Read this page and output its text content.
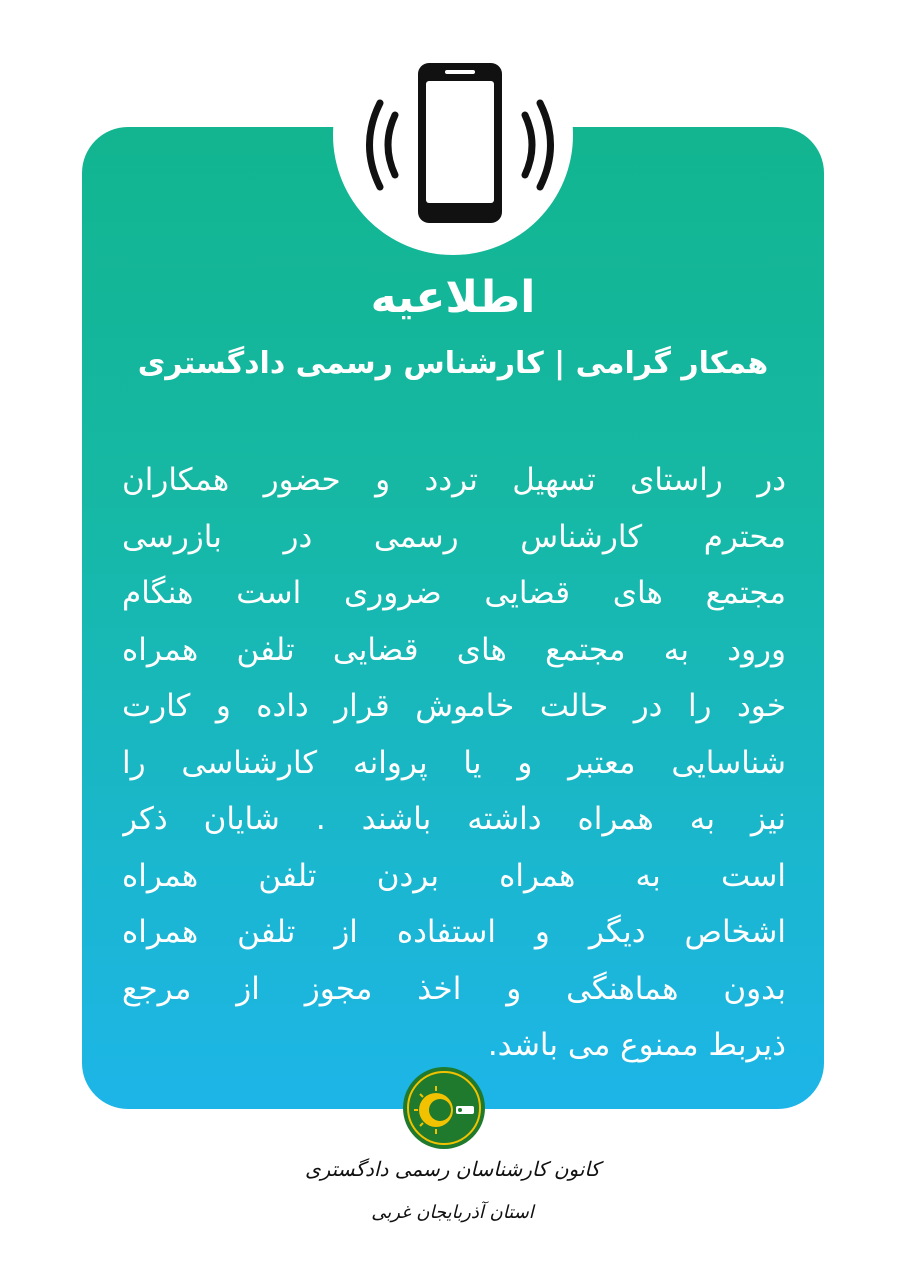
اطلاعیه
همکار گرامی | کارشناس رسمی دادگستری
در راستای تسهیل تردد و حضور همکاران
محترم کارشناس رسمی در بازرسی
مجتمع های قضایی ضروری است هنگام
ورود به مجتمع های قضایی تلفن همراه
خود را در حالت خاموش قرار داده و کارت
شناسایی معتبر و یا پروانه کارشناسی را
نیز به همراه داشته باشند . شایان ذکر
است به همراه بردن تلفن همراه
اشخاص دیگر و استفاده از تلفن همراه
بدون هماهنگی و اخذ مجوز از مرجع
ذیربط ممنوع می باشد.
کانون کارشناسان رسمی دادگستری
استان آذربایجان غربی
